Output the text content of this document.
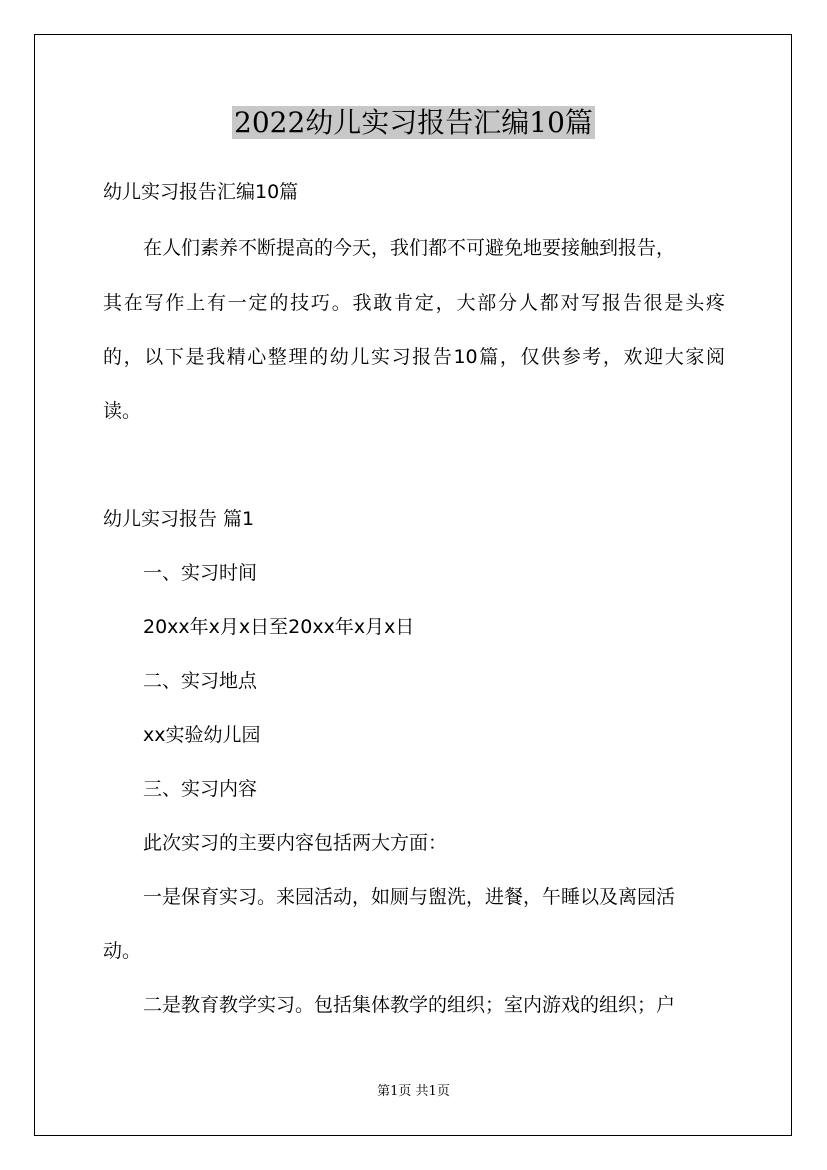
2022幼儿实习报告汇编10篇
幼儿实习报告汇编10篇
在人们素养不断提高的今天，我们都不可避免地要接触到报告，
其在写作上有一定的技巧。我敢肯定，大部分人都对写报告很是头疼
的，以下是我精心整理的幼儿实习报告10篇，仅供参考，欢迎大家阅
读。
幼儿实习报告 篇1
一、实习时间
20xx年x月x日至20xx年x月x日
二、实习地点
xx实验幼儿园
三、实习内容
此次实习的主要内容包括两大方面：
一是保育实习。来园活动，如厕与盥洗，进餐，午睡以及离园活
动。
二是教育教学实习。包括集体教学的组织；室内游戏的组织；户
第1页 共1页
